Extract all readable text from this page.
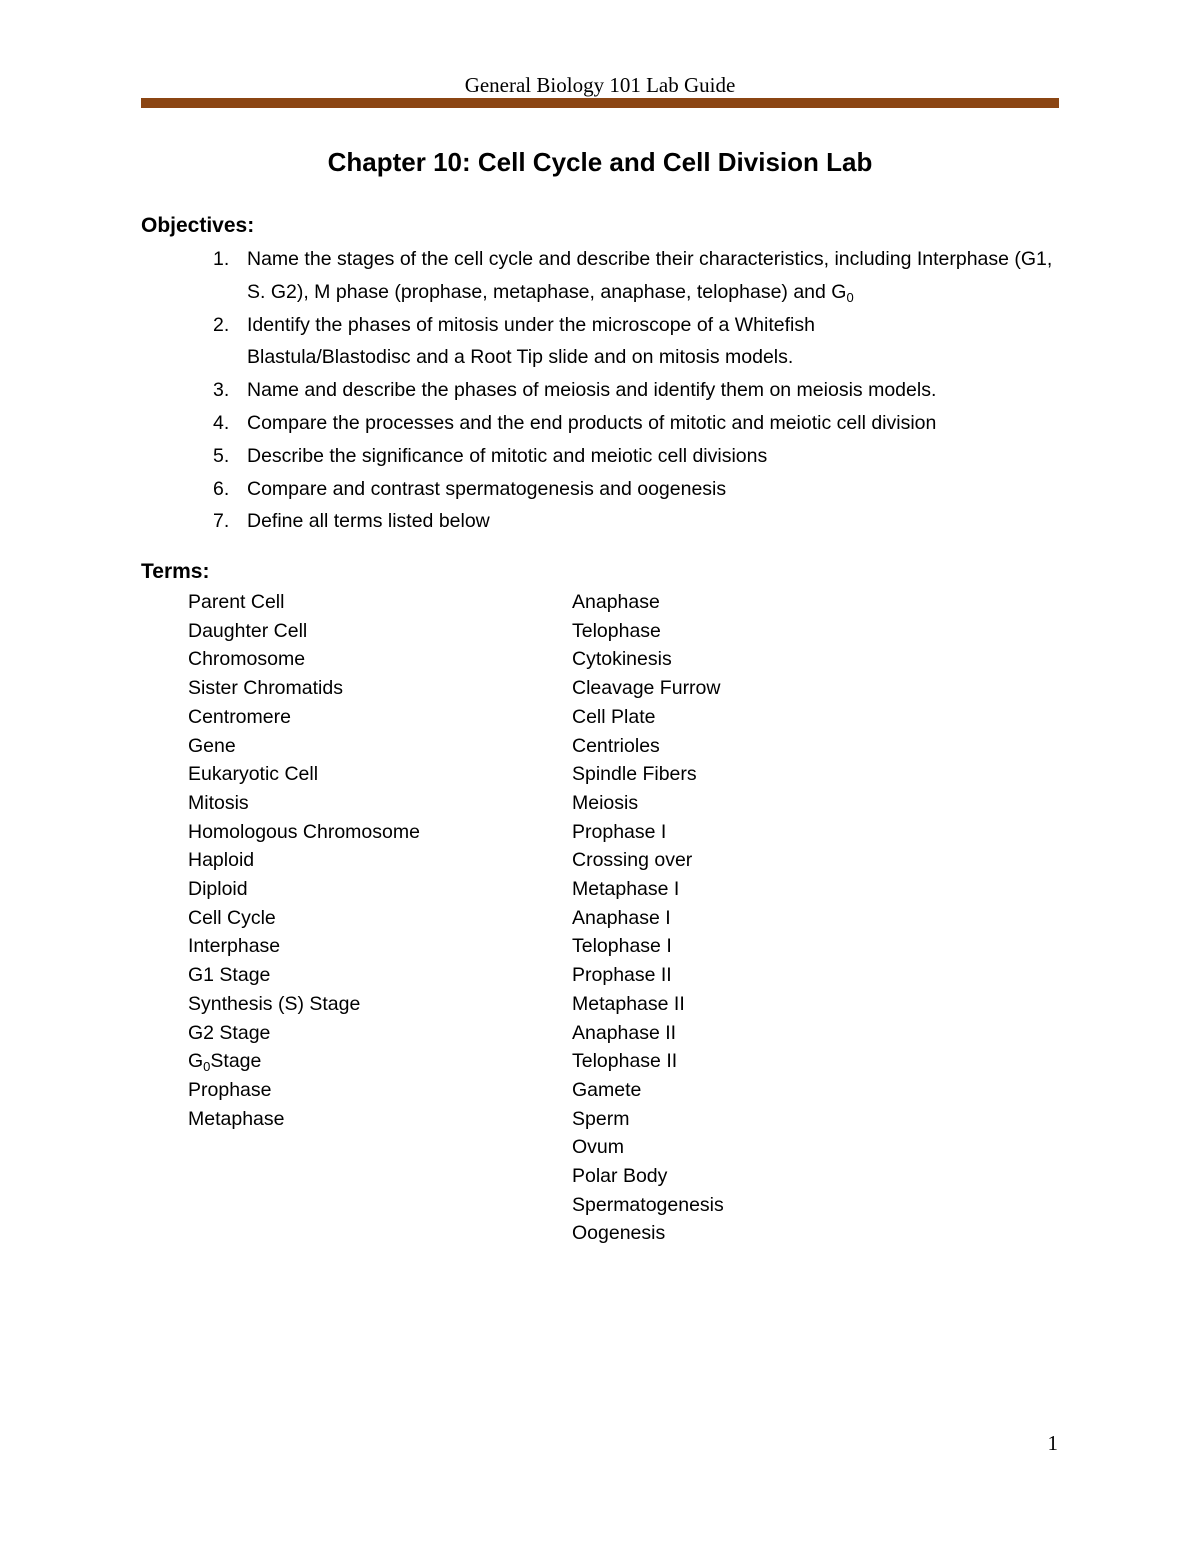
General Biology 101 Lab Guide
Chapter 10: Cell Cycle and Cell Division Lab
Objectives:
1. Name the stages of the cell cycle and describe their characteristics, including Interphase (G1, S. G2), M phase (prophase, metaphase, anaphase, telophase) and $G_0$
2. Identify the phases of mitosis under the microscope of a Whitefish Blastula/Blastodisc and a Root Tip slide and on mitosis models.
3. Name and describe the phases of meiosis and identify them on meiosis models.
4. Compare the processes and the end products of mitotic and meiotic cell division
5. Describe the significance of mitotic and meiotic cell divisions
6. Compare and contrast spermatogenesis and oogenesis
7. Define all terms listed below
Terms:
Parent Cell
Daughter Cell
Chromosome
Sister Chromatids
Centromere
Gene
Eukaryotic Cell
Mitosis
Homologous Chromosome
Haploid
Diploid
Cell Cycle
Interphase
G1 Stage
Synthesis (S) Stage
G2 Stage
$G_0Stage$
Prophase
Metaphase
Anaphase
Telophase
Cytokinesis
Cleavage Furrow
Cell Plate
Centrioles
Spindle Fibers
Meiosis
Prophase I
Crossing over
Metaphase I
Anaphase I
Telophase I
Prophase II
Metaphase II
Anaphase II
Telophase II
Gamete
Sperm
Ovum
Polar Body
Spermatogenesis
Oogenesis
1
